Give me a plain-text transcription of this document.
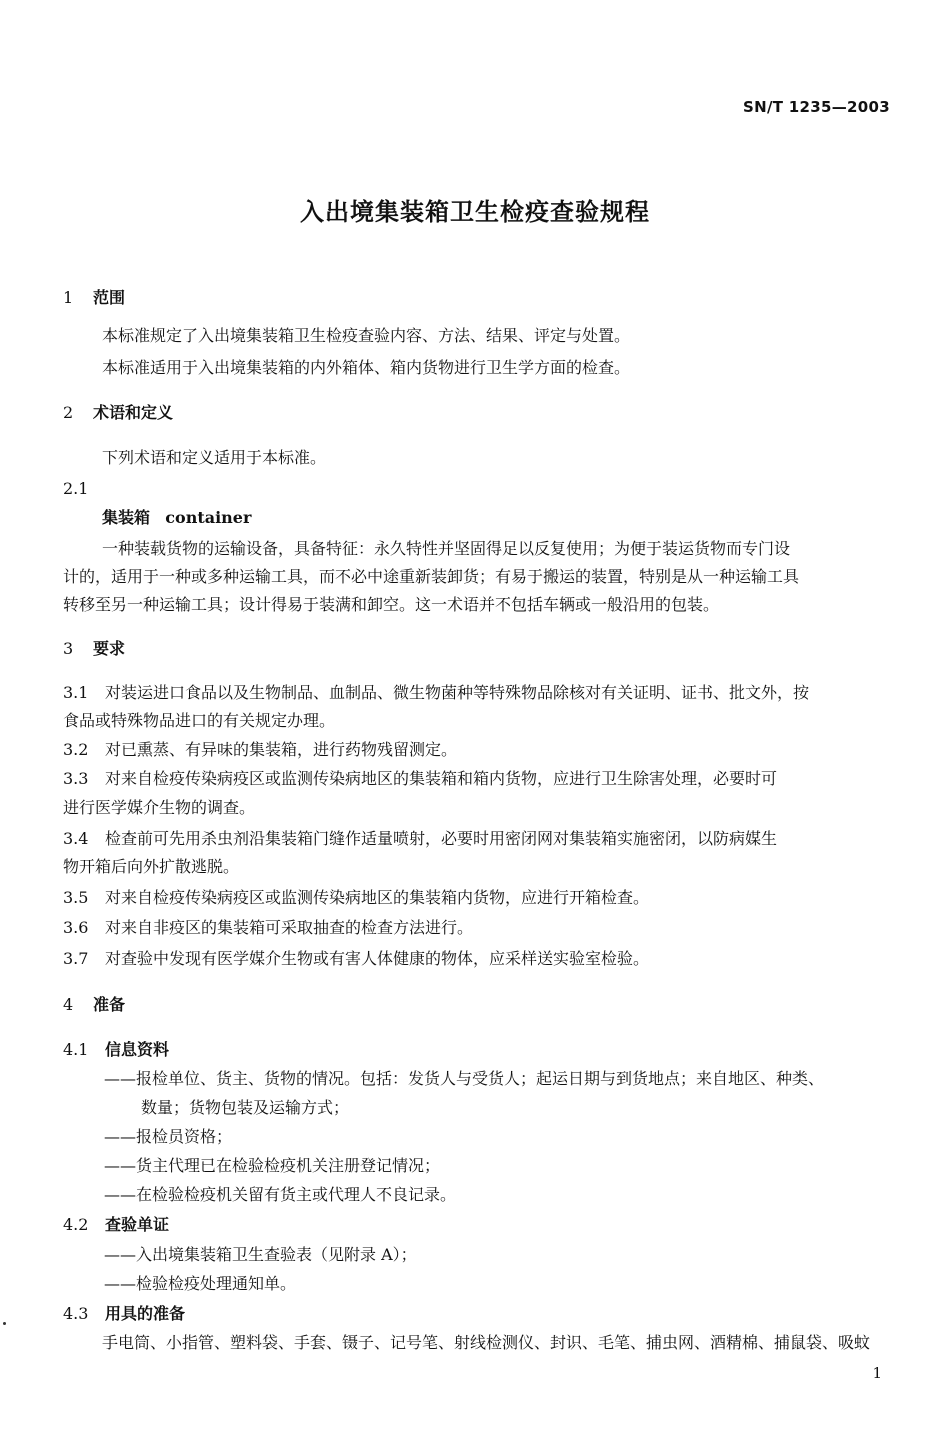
SN/T 1235—2003
入出境集装箱卫生检疫查验规程
1 范围
本标准规定了入出境集装箱卫生检疫查验内容、方法、结果、评定与处置。
本标准适用于入出境集装箱的内外箱体、箱内货物进行卫生学方面的检查。
2 术语和定义
下列术语和定义适用于本标准。
2.1
集装箱 container
一种装载货物的运输设备，具备特征：永久特性并坚固得足以反复使用；为便于装运货物而专门设
计的，适用于一种或多种运输工具，而不必中途重新装卸货；有易于搬运的装置，特别是从一种运输工具
转移至另一种运输工具；设计得易于装满和卸空。这一术语并不包括车辆或一般沿用的包装。
3 要求
3.1 对装运进口食品以及生物制品、血制品、微生物菌种等特殊物品除核对有关证明、证书、批文外，按
食品或特殊物品进口的有关规定办理。
3.2 对已熏蒸、有异味的集装箱，进行药物残留测定。
3.3 对来自检疫传染病疫区或监测传染病地区的集装箱和箱内货物，应进行卫生除害处理，必要时可
进行医学媒介生物的调查。
3.4 检查前可先用杀虫剂沿集装箱门缝作适量喷射，必要时用密闭网对集装箱实施密闭，以防病媒生
物开箱后向外扩散逃脱。
3.5 对来自检疫传染病疫区或监测传染病地区的集装箱内货物，应进行开箱检查。
3.6 对来自非疫区的集装箱可采取抽查的检查方法进行。
3.7 对查验中发现有医学媒介生物或有害人体健康的物体，应采样送实验室检验。
4 准备
4.1 信息资料
——报检单位、货主、货物的情况。包括：发货人与受货人；起运日期与到货地点；来自地区、种类、
数量；货物包装及运输方式；
——报检员资格；
——货主代理已在检验检疫机关注册登记情况；
——在检验检疫机关留有货主或代理人不良记录。
4.2 查验单证
——入出境集装箱卫生查验表（见附录 A）；
——检验检疫处理通知单。
4.3 用具的准备
手电筒、小指管、塑料袋、手套、镊子、记号笔、射线检测仪、封识、毛笔、捕虫网、酒精棉、捕鼠袋、吸蚊
1
